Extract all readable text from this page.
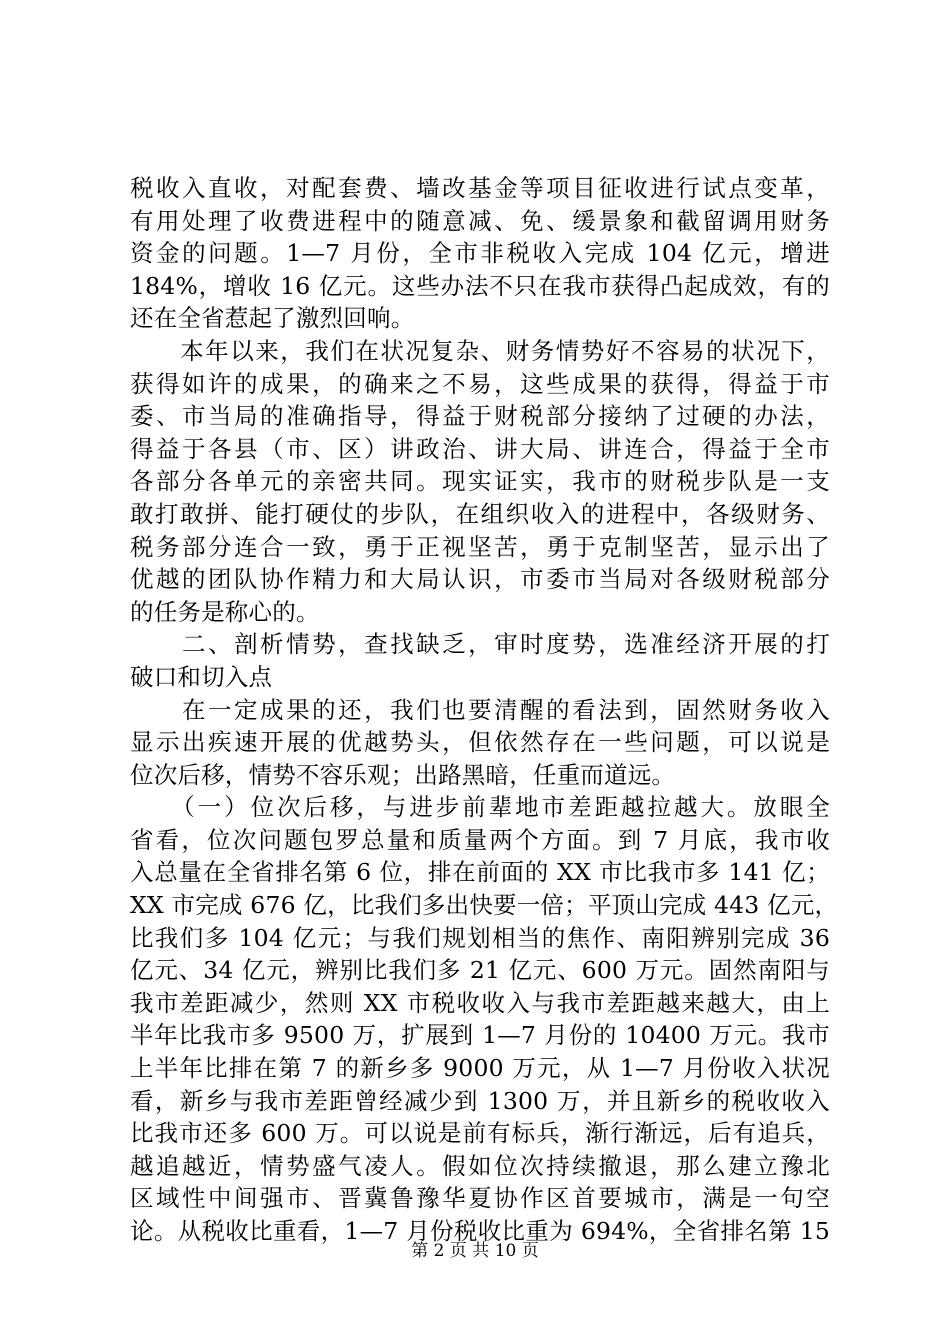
税收入直收，对配套费、墙改基金等项目征收进行试点变革，
有用处理了收费进程中的随意减、免、缓景象和截留调用财务
资金的问题。1—7 月份，全市非税收入完成 104 亿元，增进
184%，增收 16 亿元。这些办法不只在我市获得凸起成效，有的
还在全省惹起了激烈回响。
　　本年以来，我们在状况复杂、财务情势好不容易的状况下，
获得如许的成果，的确来之不易，这些成果的获得，得益于市
委、市当局的准确指导，得益于财税部分接纳了过硬的办法，
得益于各县（市、区）讲政治、讲大局、讲连合，得益于全市
各部分各单元的亲密共同。现实证实，我市的财税步队是一支
敢打敢拼、能打硬仗的步队，在组织收入的进程中，各级财务、
税务部分连合一致，勇于正视坚苦，勇于克制坚苦，显示出了
优越的团队协作精力和大局认识，市委市当局对各级财税部分
的任务是称心的。
　　二、剖析情势，查找缺乏，审时度势，选准经济开展的打
破口和切入点
　　在一定成果的还，我们也要清醒的看法到，固然财务收入
显示出疾速开展的优越势头，但依然存在一些问题，可以说是
位次后移，情势不容乐观；出路黑暗，任重而道远。
　　（一）位次后移，与进步前辈地市差距越拉越大。放眼全
省看，位次问题包罗总量和质量两个方面。到 7 月底，我市收
入总量在全省排名第 6 位，排在前面的 XX 市比我市多 141 亿；
XX 市完成 676 亿，比我们多出快要一倍；平顶山完成 443 亿元，
比我们多 104 亿元；与我们规划相当的焦作、南阳辨别完成 36
亿元、34 亿元，辨别比我们多 21 亿元、600 万元。固然南阳与
我市差距减少，然则 XX 市税收收入与我市差距越来越大，由上
半年比我市多 9500 万，扩展到 1—7 月份的 10400 万元。我市
上半年比排在第 7 的新乡多 9000 万元，从 1—7 月份收入状况
看，新乡与我市差距曾经减少到 1300 万，并且新乡的税收收入
比我市还多 600 万。可以说是前有标兵，渐行渐远，后有追兵，
越追越近，情势盛气凌人。假如位次持续撤退，那么建立豫北
区域性中间强市、晋冀鲁豫华夏协作区首要城市，满是一句空
论。从税收比重看，1—7 月份税收比重为 694%，全省排名第 15
第 2 页 共 10 页
